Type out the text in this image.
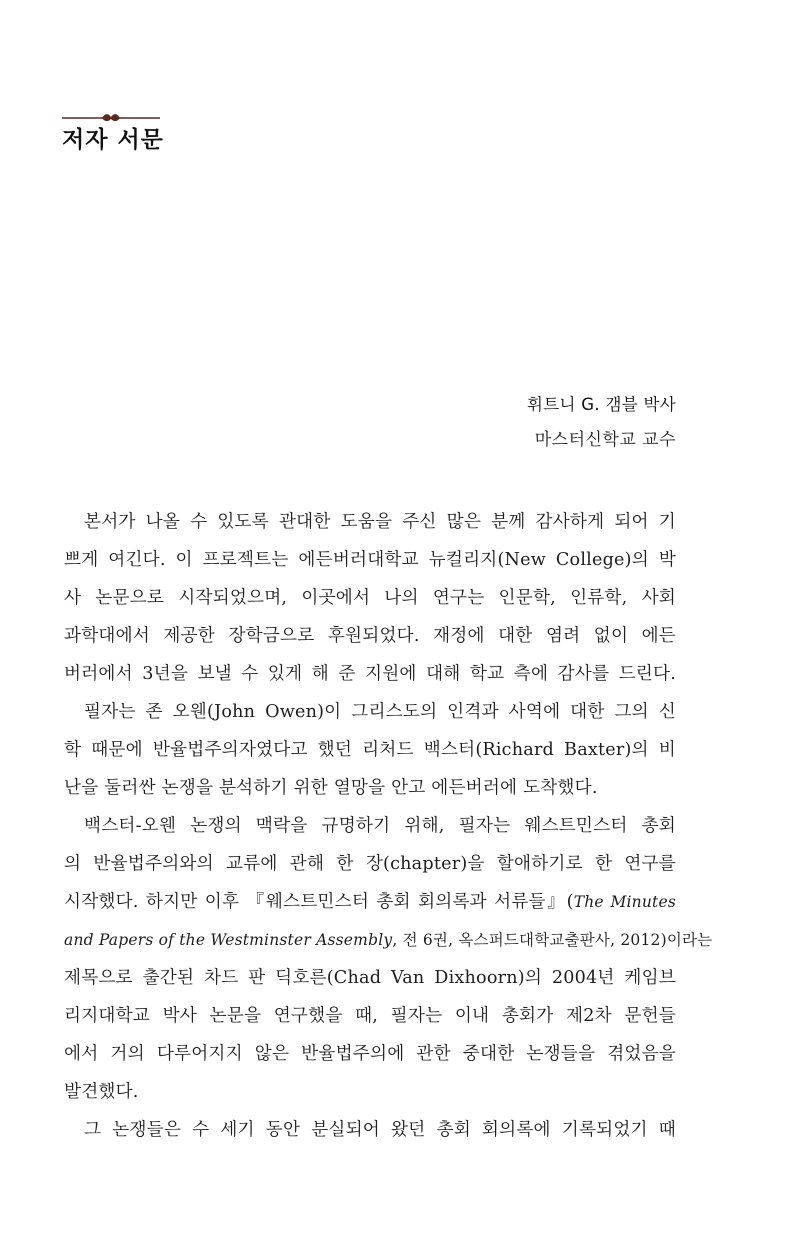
저자 서문
휘트니 G. 갬블 박사
마스터신학교 교수
본서가 나올 수 있도록 관대한 도움을 주신 많은 분께 감사하게 되어 기
쁘게 여긴다. 이 프로젝트는 에든버러대학교 뉴컬리지(New College)의 박
사 논문으로 시작되었으며, 이곳에서 나의 연구는 인문학, 인류학, 사회
과학대에서 제공한 장학금으로 후원되었다. 재정에 대한 염려 없이 에든
버러에서 3년을 보낼 수 있게 해 준 지원에 대해 학교 측에 감사를 드린다.
필자는 존 오웬(John Owen)이 그리스도의 인격과 사역에 대한 그의 신
학 때문에 반율법주의자였다고 했던 리처드 백스터(Richard Baxter)의 비
난을 둘러싼 논쟁을 분석하기 위한 열망을 안고 에든버러에 도착했다.
백스터-오웬 논쟁의 맥락을 규명하기 위해, 필자는 웨스트민스터 총회
의 반율법주의와의 교류에 관해 한 장(chapter)을 할애하기로 한 연구를
시작했다. 하지만 이후 『웨스트민스터 총회 회의록과 서류들』(The Minutes
and Papers of the Westminster Assembly, 전 6권, 옥스퍼드대학교출판사, 2012)이라는
제목으로 출간된 차드 판 딕호른(Chad Van Dixhoorn)의 2004년 케임브
리지대학교 박사 논문을 연구했을 때, 필자는 이내 총회가 제2차 문헌들
에서 거의 다루어지지 않은 반율법주의에 관한 중대한 논쟁들을 겪었음을
발견했다.
그 논쟁들은 수 세기 동안 분실되어 왔던 총회 회의록에 기록되었기 때
